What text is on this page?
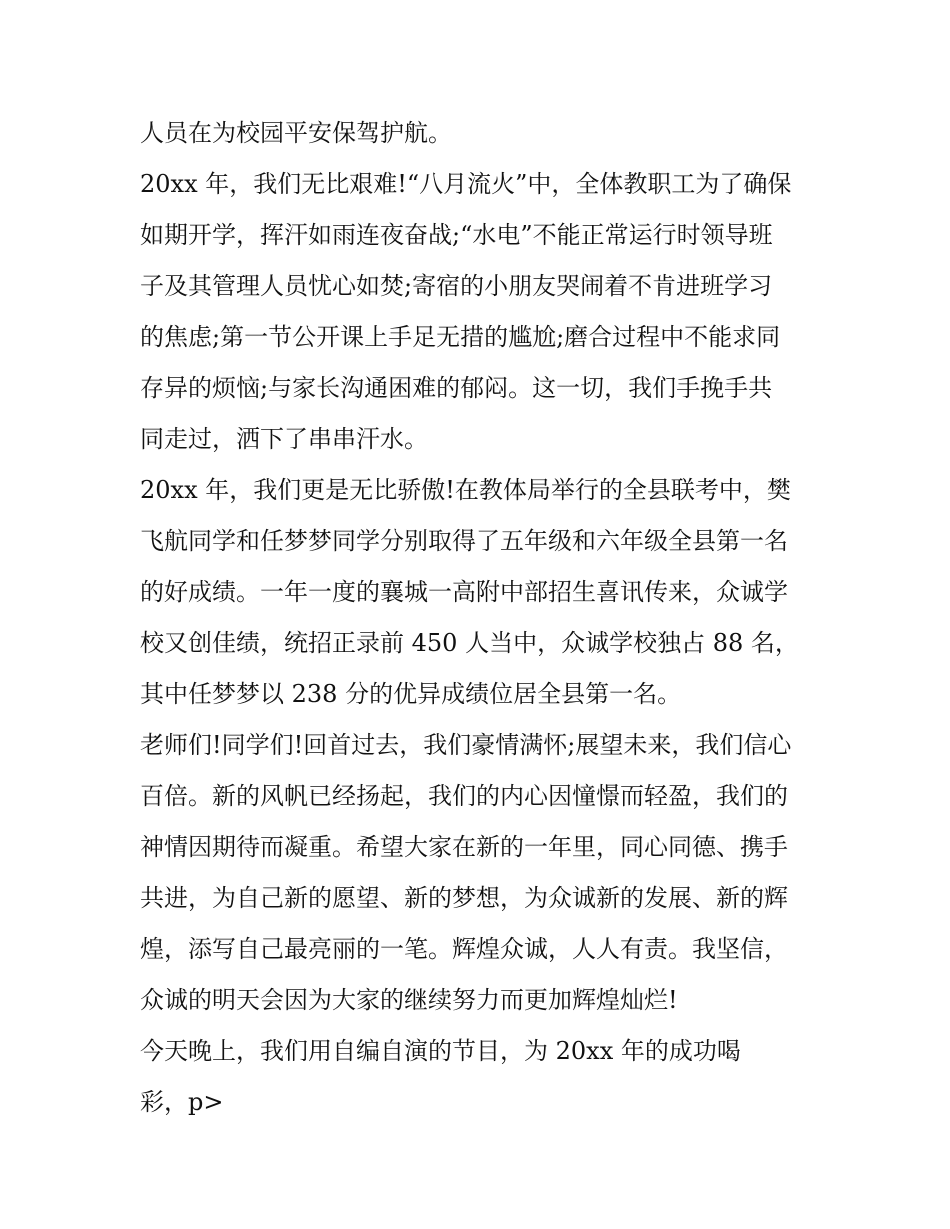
人员在为校园平安保驾护航。
20xx 年，我们无比艰难!“八月流火”中，全体教职工为了确保
如期开学，挥汗如雨连夜奋战;“水电”不能正常运行时领导班
子及其管理人员忧心如焚;寄宿的小朋友哭闹着不肯进班学习
的焦虑;第一节公开课上手足无措的尴尬;磨合过程中不能求同
存异的烦恼;与家长沟通困难的郁闷。这一切，我们手挽手共
同走过，洒下了串串汗水。
20xx 年，我们更是无比骄傲!在教体局举行的全县联考中，樊
飞航同学和任梦梦同学分别取得了五年级和六年级全县第一名
的好成绩。一年一度的襄城一高附中部招生喜讯传来，众诚学
校又创佳绩，统招正录前 450 人当中，众诚学校独占 88 名，
其中任梦梦以 238 分的优异成绩位居全县第一名。
老师们!同学们!回首过去，我们豪情满怀;展望未来，我们信心
百倍。新的风帆已经扬起，我们的内心因憧憬而轻盈，我们的
神情因期待而凝重。希望大家在新的一年里，同心同德、携手
共进，为自己新的愿望、新的梦想，为众诚新的发展、新的辉
煌，添写自己最亮丽的一笔。辉煌众诚，人人有责。我坚信，
众诚的明天会因为大家的继续努力而更加辉煌灿烂!
今天晚上，我们用自编自演的节目，为 20xx 年的成功喝
彩，p>
